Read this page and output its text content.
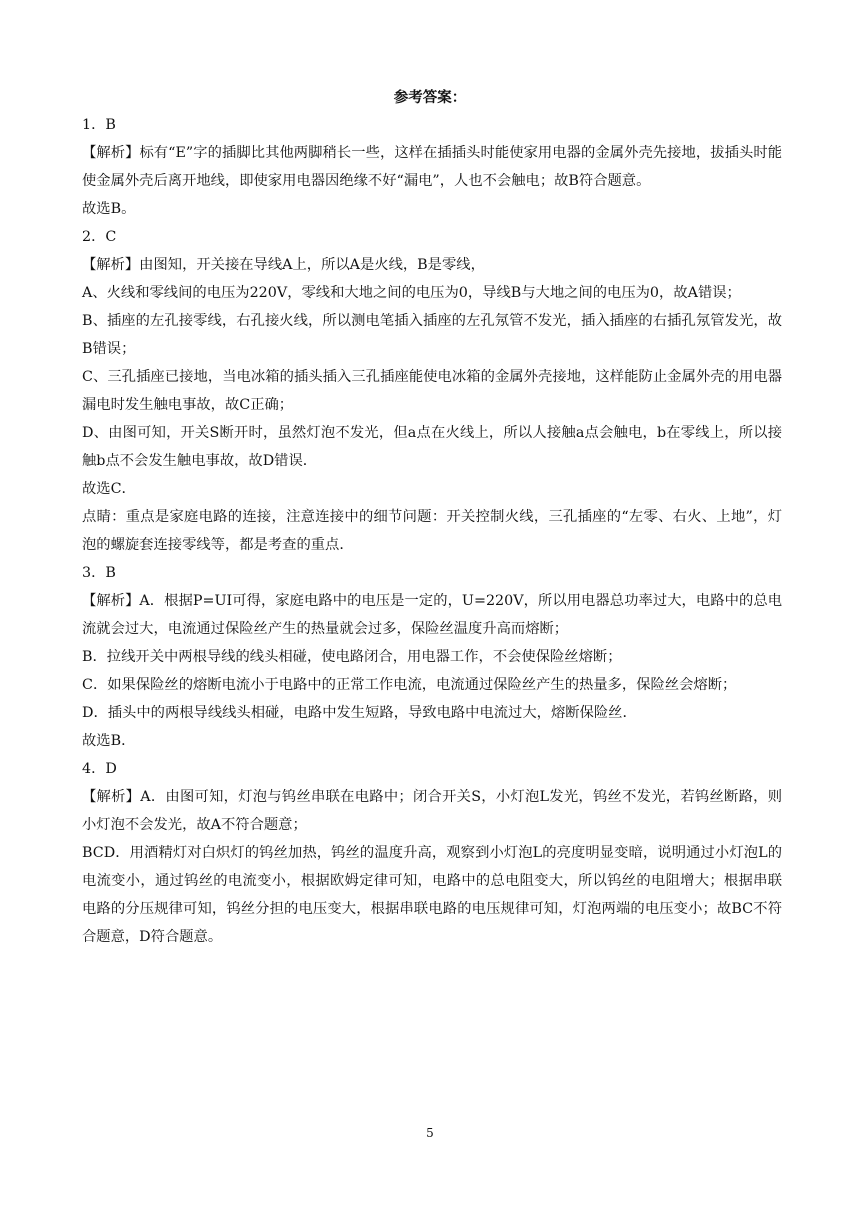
参考答案：

1．B

【解析】标有“E”字的插脚比其他两脚稍长一些，这样在插插头时能使家用电器的金属外壳先接地，拔插头时能使金属外壳后离开地线，即使家用电器因绝缘不好“漏电”，人也不会触电；故B符合题意。

故选B。

2．C

【解析】由图知，开关接在导线A上，所以A是火线，B是零线，

A、火线和零线间的电压为220V，零线和大地之间的电压为0，导线B与大地之间的电压为0，故A错误；

B、插座的左孔接零线，右孔接火线，所以测电笔插入插座的左孔氖管不发光，插入插座的右插孔氖管发光，故B错误；

C、三孔插座已接地，当电冰箱的插头插入三孔插座能使电冰箱的金属外壳接地，这样能防止金属外壳的用电器漏电时发生触电事故，故C正确；

D、由图可知，开关S断开时，虽然灯泡不发光，但a点在火线上，所以人接触a点会触电，b在零线上，所以接触b点不会发生触电事故，故D错误．

故选C．

点睛：重点是家庭电路的连接，注意连接中的细节问题：开关控制火线，三孔插座的“左零、右火、上地”，灯泡的螺旋套连接零线等，都是考查的重点．

3．B

【解析】A．根据P=UI可得，家庭电路中的电压是一定的，U=220V，所以用电器总功率过大，电路中的总电流就会过大，电流通过保险丝产生的热量就会过多，保险丝温度升高而熔断；

B．拉线开关中两根导线的线头相碰，使电路闭合，用电器工作，不会使保险丝熔断；

C．如果保险丝的熔断电流小于电路中的正常工作电流，电流通过保险丝产生的热量多，保险丝会熔断；

D．插头中的两根导线线头相碰，电路中发生短路，导致电路中电流过大，熔断保险丝．

故选B．

4．D

【解析】A．由图可知，灯泡与钨丝串联在电路中；闭合开关S，小灯泡L发光，钨丝不发光，若钨丝断路，则小灯泡不会发光，故A不符合题意；

BCD．用酒精灯对白炽灯的钨丝加热，钨丝的温度升高，观察到小灯泡L的亮度明显变暗，说明通过小灯泡L的电流变小，通过钨丝的电流变小，根据欧姆定律可知，电路中的总电阻变大，所以钨丝的电阻增大；根据串联电路的分压规律可知，钨丝分担的电压变大，根据串联电路的电压规律可知，灯泡两端的电压变小；故BC不符合题意，D符合题意。

5
